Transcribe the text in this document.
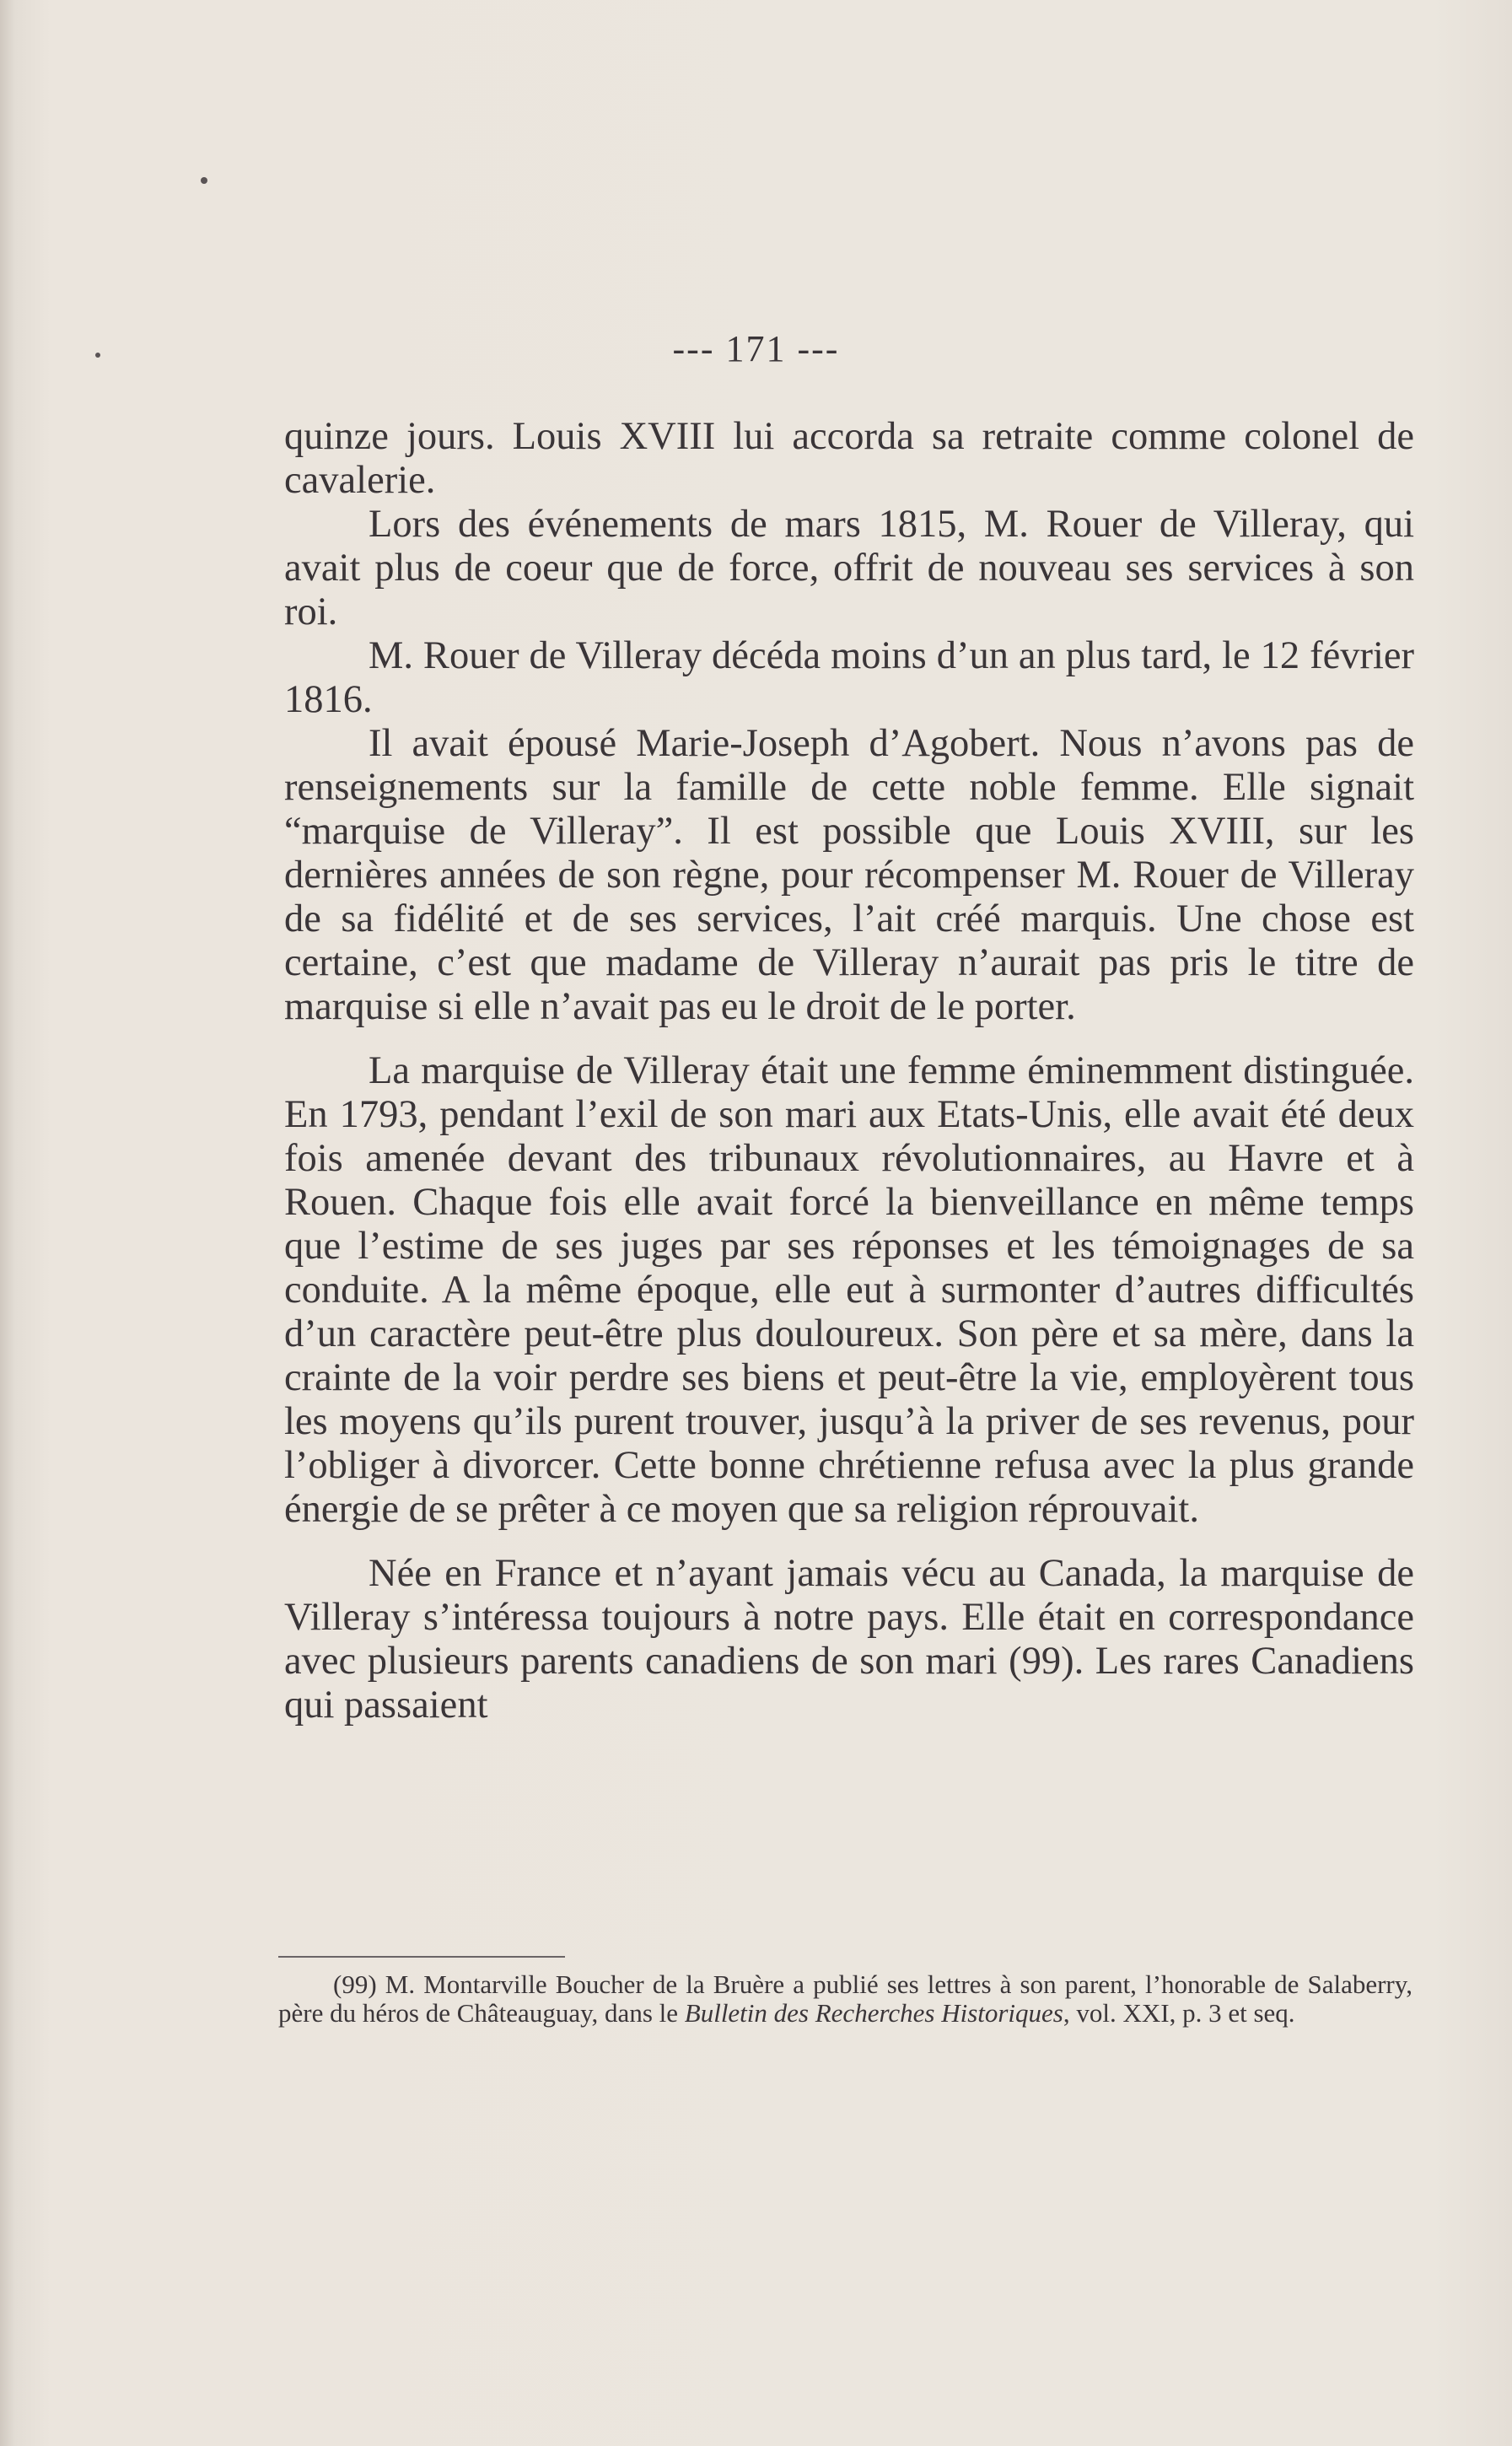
--- 171 ---

quinze jours. Louis XVIII lui accorda sa retraite comme colonel de cavalerie.

Lors des événements de mars 1815, M. Rouer de Villeray, qui avait plus de coeur que de force, offrit de nouveau ses services à son roi.

M. Rouer de Villeray décéda moins d’un an plus tard, le 12 février 1816.

Il avait épousé Marie-Joseph d’Agobert. Nous n’avons pas de renseignements sur la famille de cette noble femme. Elle signait “marquise de Villeray”. Il est possible que Louis XVIII, sur les dernières années de son règne, pour récompenser M. Rouer de Villeray de sa fidélité et de ses services, l’ait créé marquis. Une chose est certaine, c’est que madame de Villeray n’aurait pas pris le titre de marquise si elle n’avait pas eu le droit de le porter.

La marquise de Villeray était une femme éminemment distinguée. En 1793, pendant l’exil de son mari aux Etats-Unis, elle avait été deux fois amenée devant des tribunaux révolutionnaires, au Havre et à Rouen. Chaque fois elle avait forcé la bienveillance en même temps que l’estime de ses juges par ses réponses et les témoignages de sa conduite. A la même époque, elle eut à surmonter d’autres difficultés d’un caractère peut-être plus douloureux. Son père et sa mère, dans la crainte de la voir perdre ses biens et peut-être la vie, employèrent tous les moyens qu’ils purent trouver, jusqu’à la priver de ses revenus, pour l’obliger à divorcer. Cette bonne chrétienne refusa avec la plus grande énergie de se prêter à ce moyen que sa religion réprouvait.

Née en France et n’ayant jamais vécu au Canada, la marquise de Villeray s’intéressa toujours à notre pays. Elle était en correspondance avec plusieurs parents canadiens de son mari (99). Les rares Canadiens qui passaient

(99) M. Montarville Boucher de la Bruère a publié ses lettres à son parent, l’honorable de Salaberry, père du héros de Châteauguay, dans le Bulletin des Recherches Historiques, vol. XXI, p. 3 et seq.
